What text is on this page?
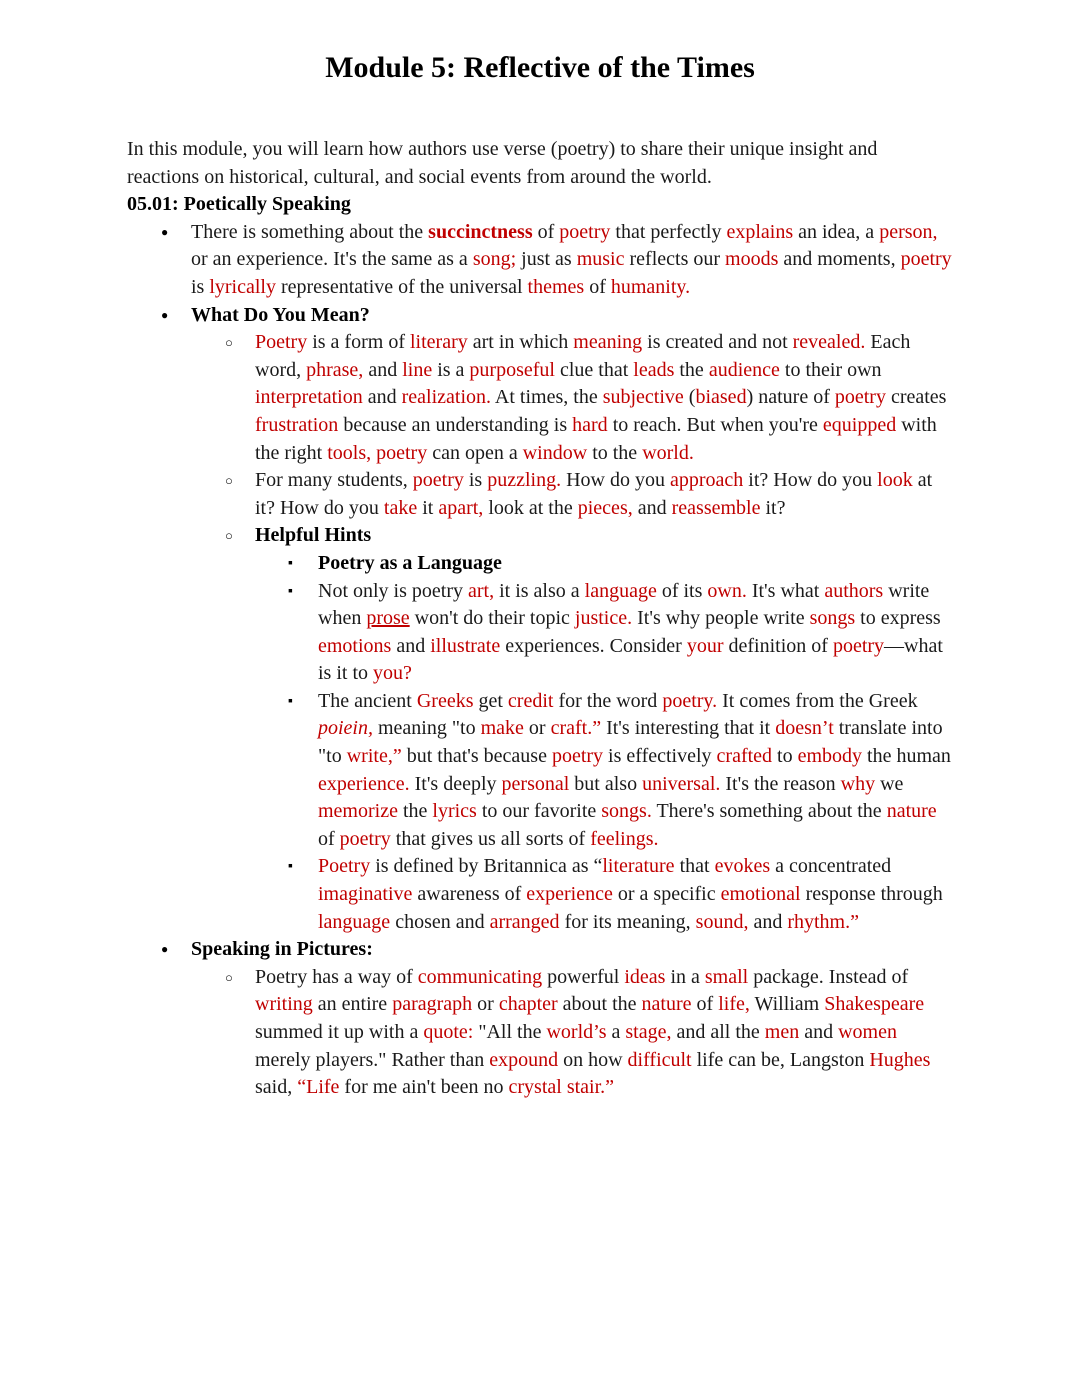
Module 5: Reflective of the Times

In this module, you will learn how authors use verse (poetry) to share their unique insight and reactions on historical, cultural, and social events from around the world.

05.01: Poetically Speaking
● There is something about the succinctness of poetry that perfectly explains an idea, a person, or an experience. It's the same as a song; just as music reflects our moods and moments, poetry is lyrically representative of the universal themes of humanity.
● What Do You Mean?
○ Poetry is a form of literary art in which meaning is created and not revealed. Each word, phrase, and line is a purposeful clue that leads the audience to their own interpretation and realization. At times, the subjective (biased) nature of poetry creates frustration because an understanding is hard to reach. But when you're equipped with the right tools, poetry can open a window to the world.
○ For many students, poetry is puzzling. How do you approach it? How do you look at it? How do you take it apart, look at the pieces, and reassemble it?
○ Helpful Hints
▪ Poetry as a Language
▪ Not only is poetry art, it is also a language of its own. It's what authors write when prose won't do their topic justice. It's why people write songs to express emotions and illustrate experiences. Consider your definition of poetry—what is it to you?
▪ The ancient Greeks get credit for the word poetry. It comes from the Greek poiein, meaning "to make or craft.” It's interesting that it doesn’t translate into "to write,” but that's because poetry is effectively crafted to embody the human experience. It's deeply personal but also universal. It's the reason why we memorize the lyrics to our favorite songs. There's something about the nature of poetry that gives us all sorts of feelings.
▪ Poetry is defined by Britannica as “literature that evokes a concentrated imaginative awareness of experience or a specific emotional response through language chosen and arranged for its meaning, sound, and rhythm.”
● Speaking in Pictures:
○ Poetry has a way of communicating powerful ideas in a small package. Instead of writing an entire paragraph or chapter about the nature of life, William Shakespeare summed it up with a quote: "All the world’s a stage, and all the men and women merely players." Rather than expound on how difficult life can be, Langston Hughes said, “Life for me ain't been no crystal stair.”
